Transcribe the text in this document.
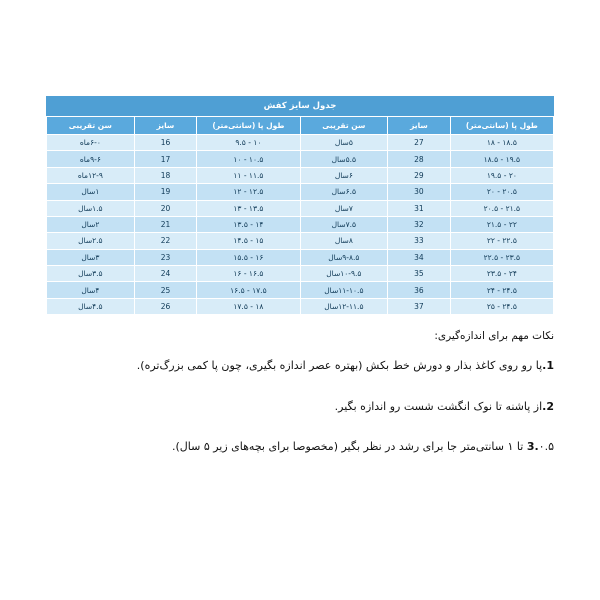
جدول سایز کفش
طول پا (سانتی‌متر)	سایز	سن تقریبی	طول پا (سانتی‌متر)	سایز	سن تقریبی
۱۸.۵ - ۱۸	27	۵سال	۱۰ - ۹.۵	16	۶-۰ماه
۱۹.۵ - ۱۸.۵	28	۵.۵سال	۱۰.۵ - ۱۰	17	۹-۶ماه
۲۰ - ۱۹.۵	29	۶سال	۱۱.۵ - ۱۱	18	۱۲-۹ماه
۲۰.۵ - ۲۰	30	۶.۵سال	۱۲.۵ - ۱۲	19	۱سال
۲۱.۵ - ۲۰.۵	31	۷سال	۱۳.۵ - ۱۳	20	۱.۵سال
۲۲ - ۲۱.۵	32	۷.۵سال	۱۴ - ۱۳.۵	21	۲سال
۲۲.۵ - ۲۲	33	۸سال	۱۵ - ۱۴.۵	22	۲.۵سال
۲۳.۵ - ۲۲.۵	34	۹-۸.۵سال	۱۶ - ۱۵.۵	23	۳سال
۲۴ - ۲۳.۵	35	۱۰-۹.۵سال	۱۶.۵ - ۱۶	24	۳.۵سال
۲۴.۵ - ۲۴	36	۱۱-۱۰.۵سال	۱۷.۵ - ۱۶.۵	25	۴سال
۲۴.۵ - ۲۵	37	۱۲-۱۱.۵سال	۱۸ - ۱۷.۵	26	۴.۵سال
نکات مهم برای اندازه‌گیری:
1.پا رو روی کاغذ بذار و دورش خط بکش (بهتره عصر اندازه بگیری، چون پا کمی بزرگ‌تره).
2.از پاشنه تا نوک انگشت شست رو اندازه بگیر.
3.۰.۵ تا ۱ سانتی‌متر جا برای رشد در نظر بگیر (مخصوصا برای بچه‌های زیر ۵ سال).
